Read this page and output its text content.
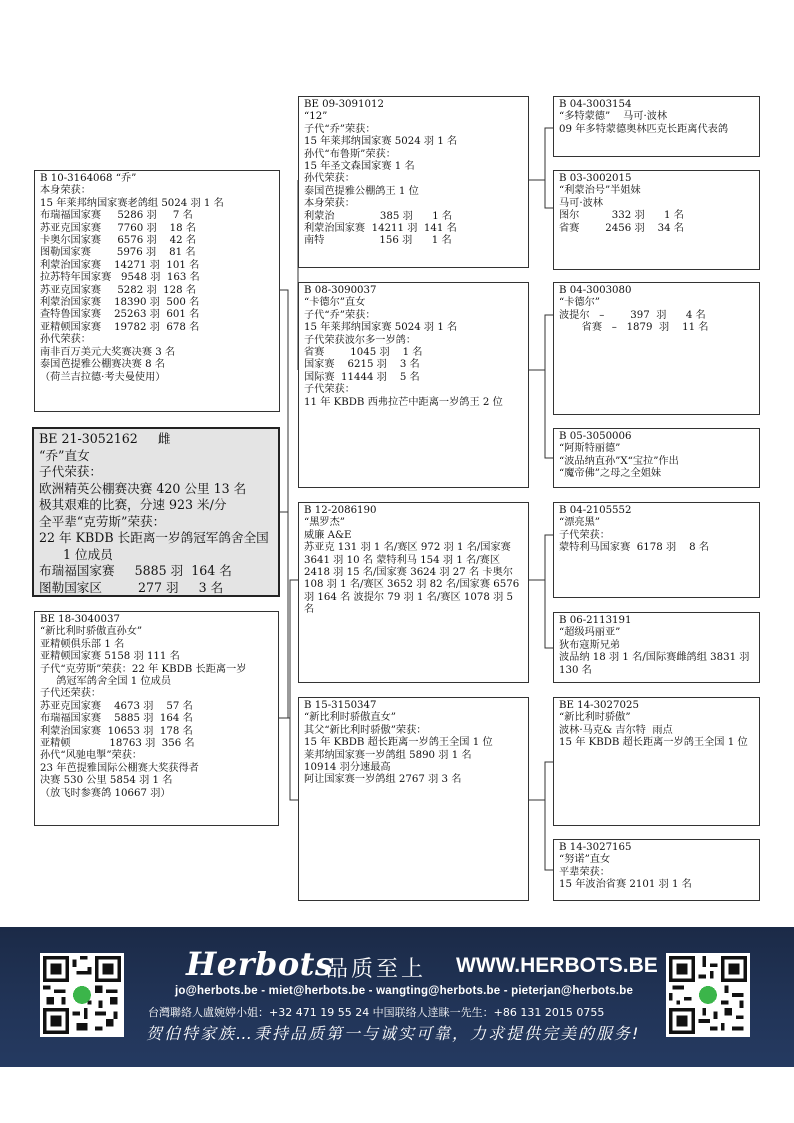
B 10-3164068 “乔”
本身荣获：
15 年莱邦纳国家赛老鸽组 5024 羽 1 名
布瑞福国家赛     5286 羽     7 名
苏亚克国家赛     7760 羽    18 名
卡奥尔国家赛     6576 羽    42 名
图勒国家赛        5976 羽    81 名
利蒙治国家赛    14271 羽  101 名
拉苏特年国家赛   9548 羽  163 名
苏亚克国家赛     5282 羽  128 名
利蒙治国家赛    18390 羽  500 名
查特鲁国家赛    25263 羽  601 名
亚精顿国家赛    19782 羽  678 名
孙代荣获：
南非百万美元大奖赛决赛 3 名
泰国芭提雅公棚赛决赛 8 名
（荷兰吉拉德·考夫曼使用）
BE 21-3052162     雌
“乔”直女
子代荣获：
欧洲精英公棚赛决赛 420 公里 13 名
极其艰难的比赛，分速 923 米/分
全平辈“克劳斯”荣获：
22 年 KBDB 长距离一岁鸽冠军鸽舍全国
1 位成员
布瑞福国家赛     5885 羽  164 名
图勒国家区         277 羽     3 名
BE 18-3040037
“新比利时骄傲直孙女”
亚精顿俱乐部 1 名
亚精顿国家赛 5158 羽 111 名
子代“克劳斯”荣获：22 年 KBDB 长距离一岁
鸽冠军鸽舍全国 1 位成员
子代还荣获：
苏亚克国家赛    4673 羽    57 名
布瑞福国家赛    5885 羽  164 名
利蒙治国家赛  10653 羽  178 名
亚精顿            18763 羽  356 名
孙代“风驰电掣”荣获：
23 年芭提雅国际公棚赛大奖获得者
决赛 530 公里 5854 羽 1 名
（放飞时参赛鸽 10667 羽）
BE 09-3091012
“12”
子代“乔”荣获：
15 年莱邦纳国家赛 5024 羽 1 名
孙代“布鲁斯”荣获：
15 年圣文森国家赛 1 名
孙代荣获：
泰国芭提雅公棚鸽王 1 位
本身荣获：
利蒙治              385 羽      1 名
利蒙治国家赛  14211 羽  141 名
南特                 156 羽      1 名
B 08-3090037
“卡德尔”直女
子代“乔”荣获：
15 年莱邦纳国家赛 5024 羽 1 名
子代荣获波尔多一岁鸽：
省赛        1045 羽    1 名
国家赛    6215 羽    3 名
国际赛  11444 羽    5 名
子代荣获：
11 年 KBDB 西弗拉芒中距离一岁鸽王 2 位
B 12-2086190
“黑罗杰”
威廉 A&E
苏亚克 131 羽 1 名/赛区 972 羽 1 名/国家赛 3641 羽 10 名 蒙特利马 154 羽 1 名/赛区 2418 羽 15 名/国家赛 3624 羽 27 名 卡奥尔 108 羽 1 名/赛区 3652 羽 82 名/国家赛 6576 羽 164 名 波提尔 79 羽 1 名/赛区 1078 羽 5 名
B 15-3150347
“新比利时骄傲直女”
其父“新比利时骄傲”荣获：
15 年 KBDB 超长距离一岁鸽王全国 1 位
莱邦纳国家赛一岁鸽组 5890 羽 1 名
10914 羽分速最高
阿让国家赛一岁鸽组 2767 羽 3 名
B 04-3003154
“多特蒙德”    马可·波林
09 年多特蒙德奥林匹克长距离代表鸽
B 03-3002015
“利蒙治号”半姐妹
马可·波林
图尔          332 羽      1 名
省赛        2456 羽    34 名
B 04-3003080
“卡德尔”
波提尔   –        397  羽      4 名
省赛   –   1879  羽    11 名
B 05-3050006
“阿斯特丽德”
“波品纳直孙”X“宝拉”作出
“魔帝佛”之母之全姐妹
B 04-2105552
“漂亮黑”
子代荣获：
蒙特利马国家赛  6178 羽    8 名
B 06-2113191
“超级玛丽亚”
狄布寇斯兄弟
波品纳 18 羽 1 名/国际赛雌鸽组 3831 羽 130 名
BE 14-3027025
“新比利时骄傲”
波林·马克& 吉尔特  雨点
15 年 KBDB 超长距离一岁鸽王全国 1 位
B 14-3027165
“努诺”直女
平辈荣获：
15 年波治省赛 2101 羽 1 名
Herbots
品质至上 WWW.HERBOTS.BE
jo@herbots.be - miet@herbots.be - wangting@herbots.be - pieterjan@herbots.be
台灣聯絡人盧婉婷小姐：+32 471 19 55 24 中国联络人逹睐一先生：+86 131 2015 0755
贺伯特家族…秉持品质第一与诚实可靠，力求提供完美的服务!
